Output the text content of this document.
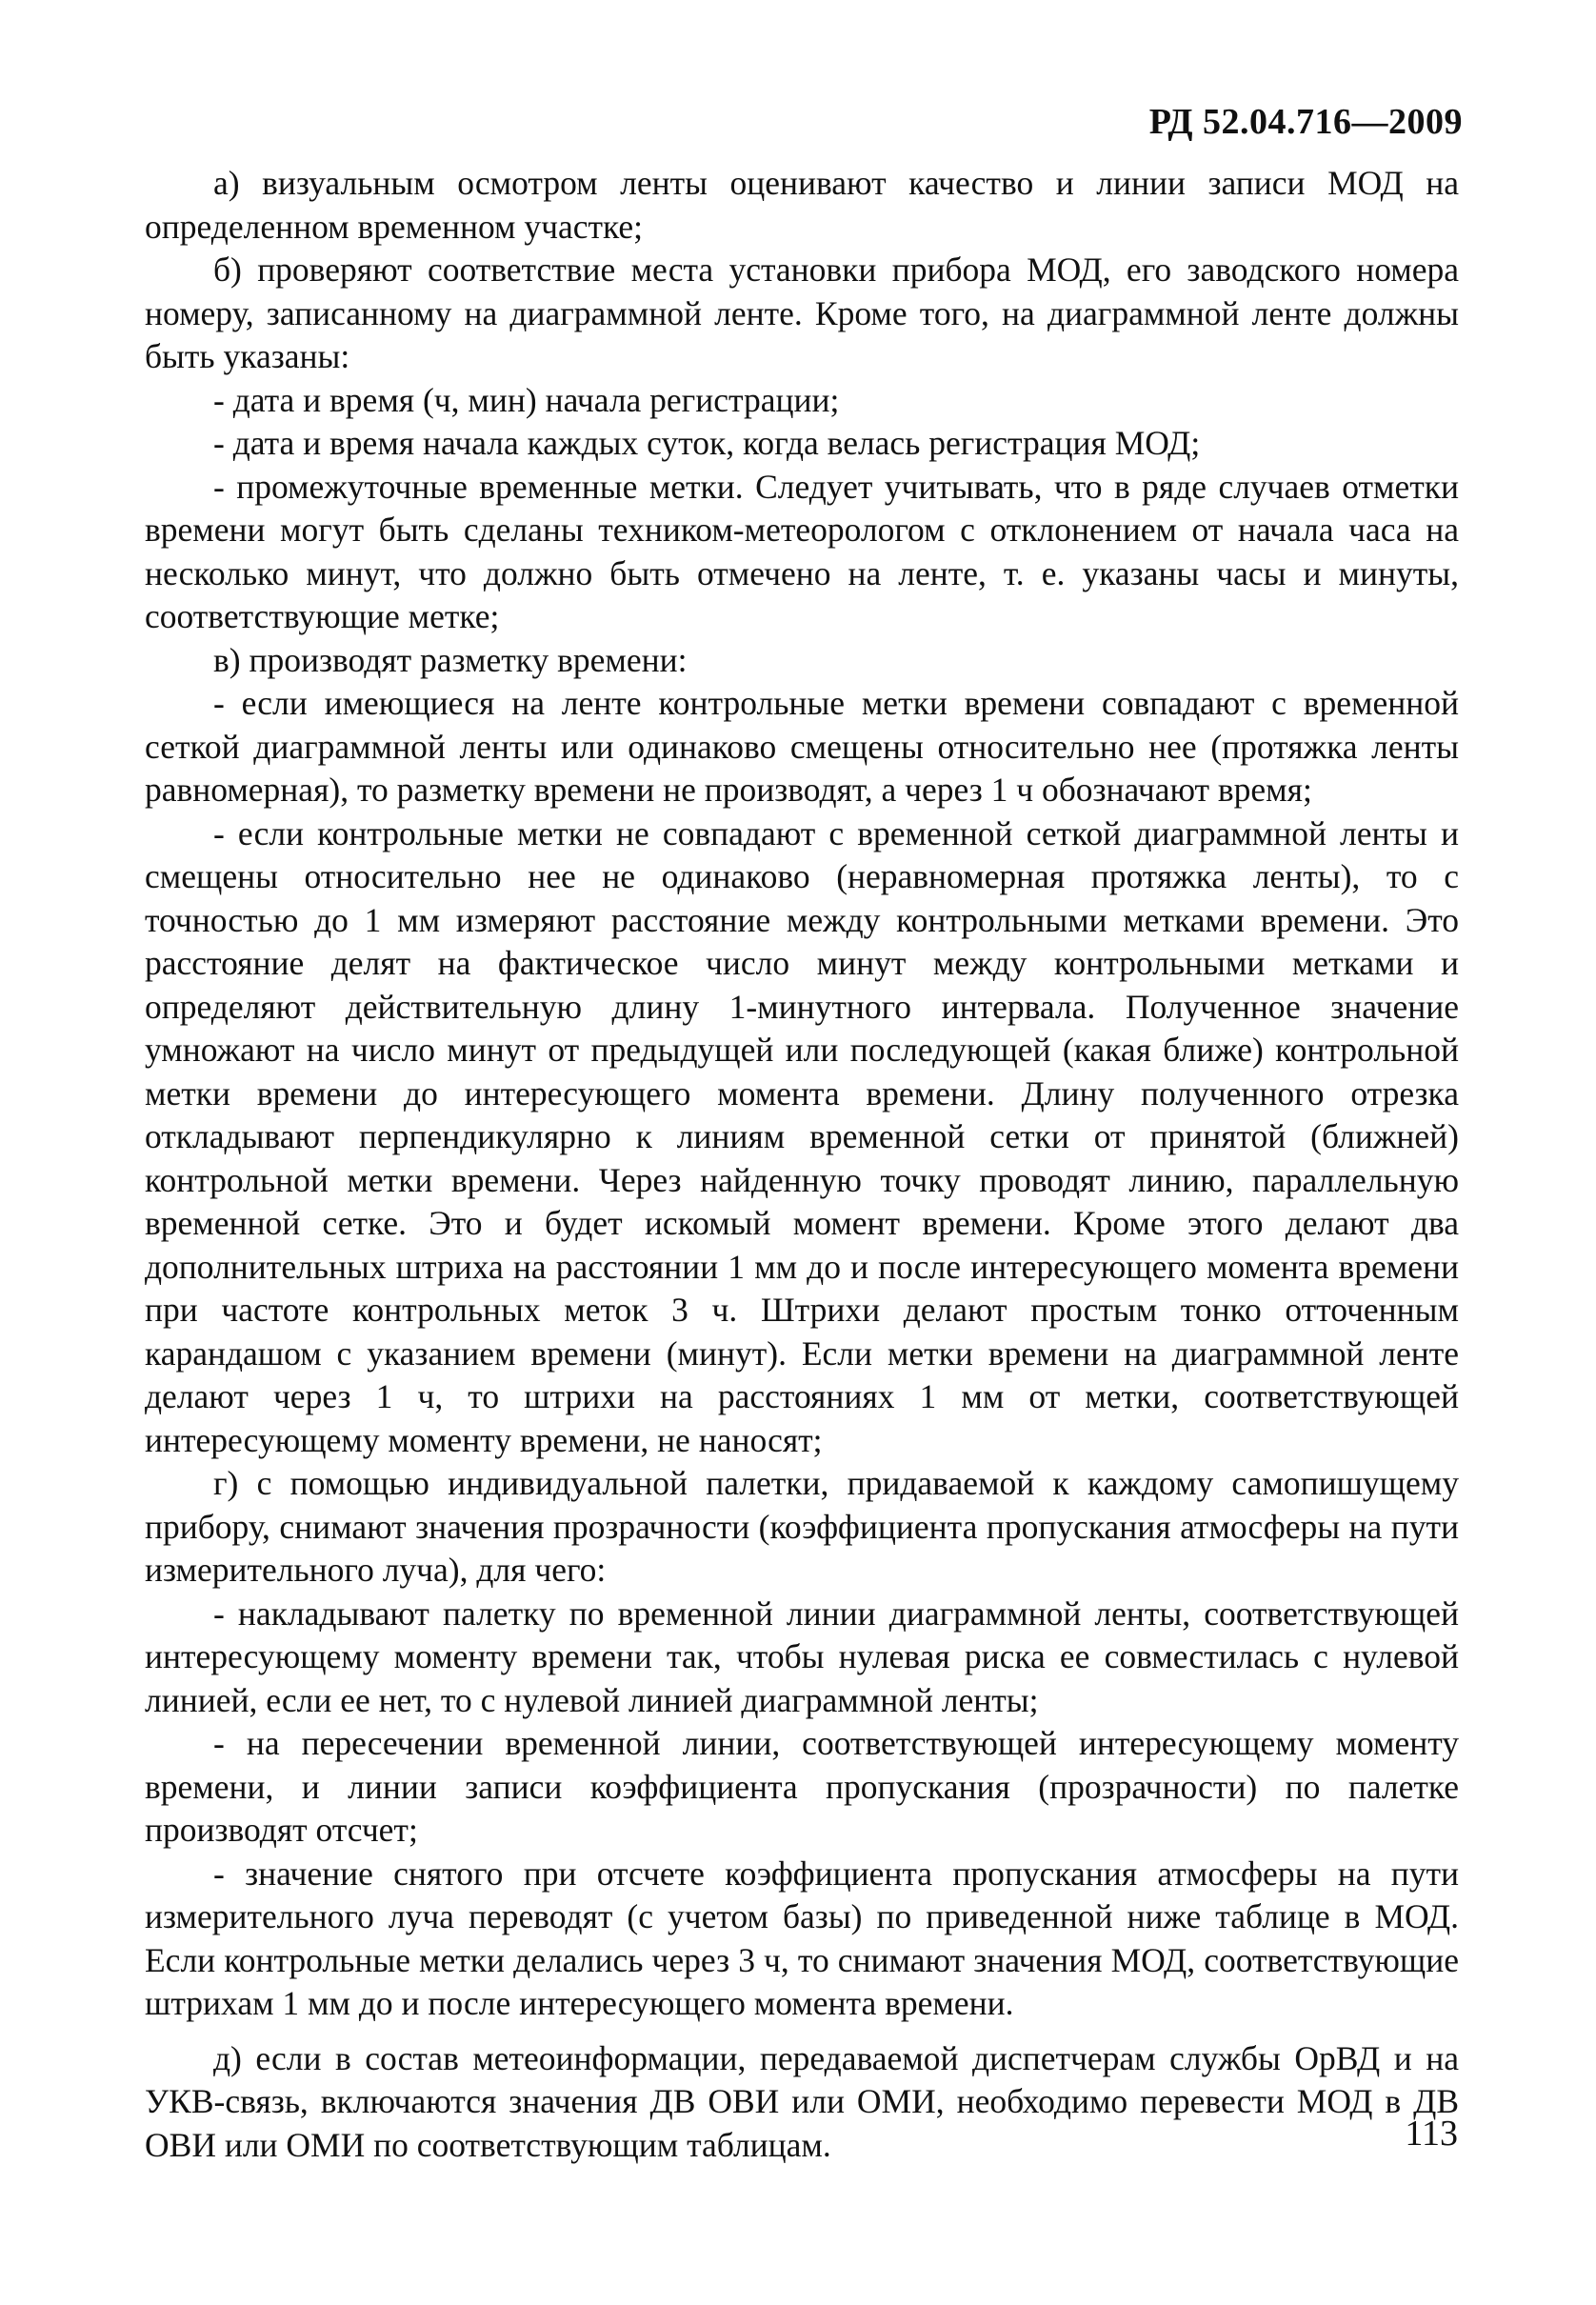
РД 52.04.716—2009

а) визуальным осмотром ленты оценивают качество и линии записи МОД на определенном временном участке;

б) проверяют соответствие места установки прибора МОД, его заводского номера номеру, записанному на диаграммной ленте. Кроме того, на диаграммной ленте должны быть указаны:

- дата и время (ч, мин) начала регистрации;

- дата и время начала каждых суток, когда велась регистрация МОД;

- промежуточные временные метки. Следует учитывать, что в ряде случаев отметки времени могут быть сделаны техником-метеорологом с отклонением от начала часа на несколько минут, что должно быть отмечено на ленте, т. е. указаны часы и минуты, соответствующие метке;

в) производят разметку времени:

- если имеющиеся на ленте контрольные метки времени совпадают с временной сеткой диаграммной ленты или одинаково смещены относительно нее (протяжка ленты равномерная), то разметку времени не производят, а через 1 ч обозначают время;

- если контрольные метки не совпадают с временной сеткой диаграммной ленты и смещены относительно нее не одинаково (неравномерная протяжка ленты), то с точностью до 1 мм измеряют расстояние между контрольными метками времени. Это расстояние делят на фактическое число минут между контрольными метками и определяют действительную длину 1-минутного интервала. Полученное значение умножают на число минут от предыдущей или последующей (какая ближе) контрольной метки времени до интересующего момента времени. Длину полученного отрезка откладывают перпендикулярно к линиям временной сетки от принятой (ближней) контрольной метки времени. Через найденную точку проводят линию, параллельную временной сетке. Это и будет искомый момент времени. Кроме этого делают два дополнительных штриха на расстоянии 1 мм до и после интересующего момента времени при частоте контрольных меток 3 ч. Штрихи делают простым тонко отточенным карандашом с указанием времени (минут). Если метки времени на диаграммной ленте делают через 1 ч, то штрихи на расстояниях 1 мм от метки, соответствующей интересующему моменту времени, не наносят;

г) с помощью индивидуальной палетки, придаваемой к каждому самопишущему прибору, снимают значения прозрачности (коэффициента пропускания атмосферы на пути измерительного луча), для чего:

- накладывают палетку по временной линии диаграммной ленты, соответствующей интересующему моменту времени так, чтобы нулевая риска ее совместилась с нулевой линией, если ее нет, то с нулевой линией диаграммной ленты;

- на пересечении временной линии, соответствующей интересующему моменту времени, и линии записи коэффициента пропускания (прозрачности) по палетке производят отсчет;

- значение снятого при отсчете коэффициента пропускания атмосферы на пути измерительного луча переводят (с учетом базы) по приведенной ниже таблице в МОД. Если контрольные метки делались через 3 ч, то снимают значения МОД, соответствующие штрихам 1 мм до и после интересующего момента времени.

д) если в состав метеоинформации, передаваемой диспетчерам службы ОрВД и на УКВ-связь, включаются значения ДВ ОВИ или ОМИ, необходимо перевести МОД в ДВ ОВИ или ОМИ по соответствующим таблицам.	113
